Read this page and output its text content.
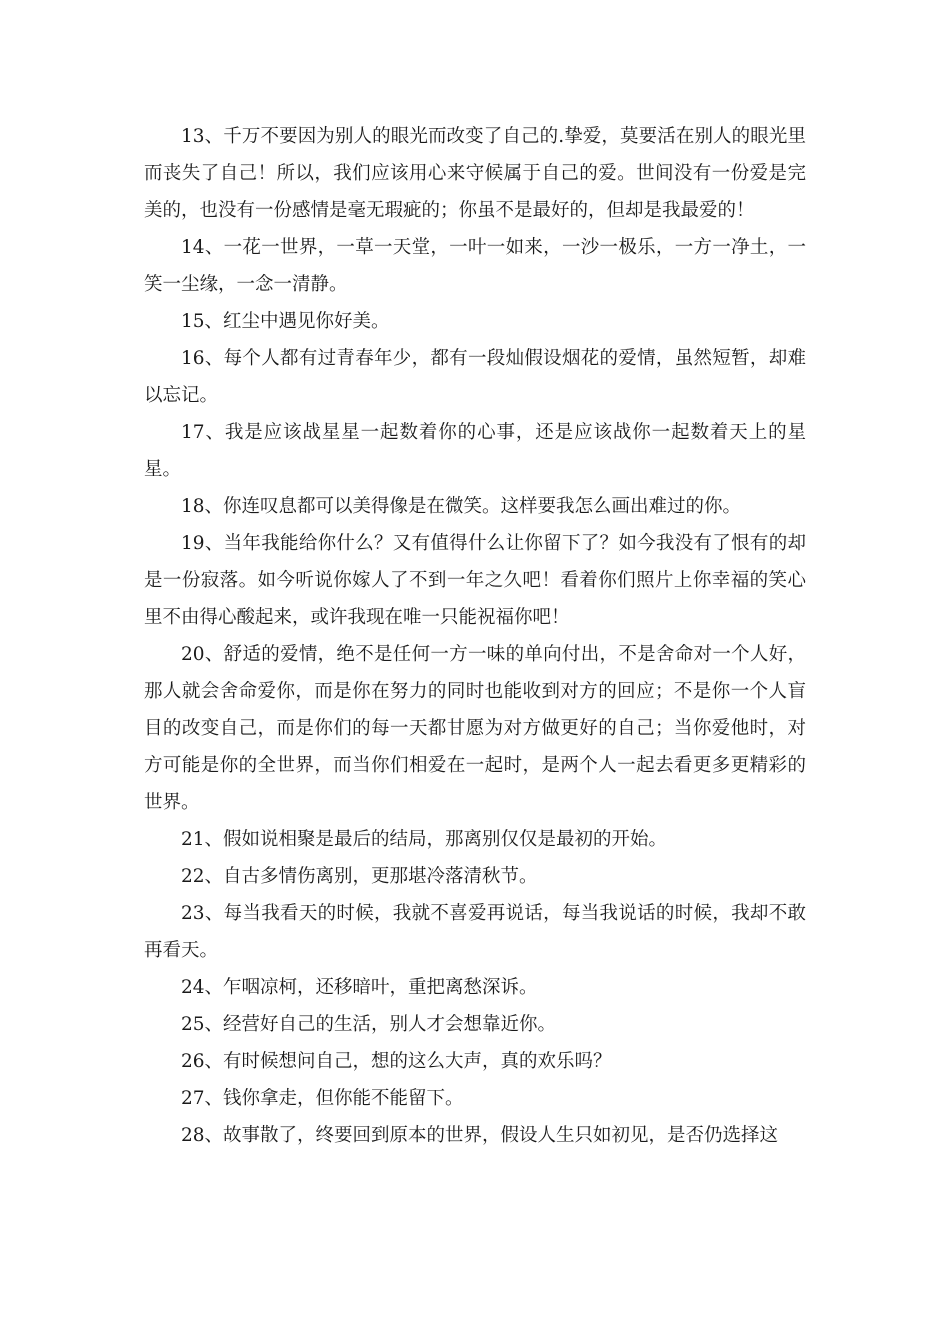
13、千万不要因为别人的眼光而改变了自己的.挚爱，莫要活在别人的眼光里而丧失了自己！所以，我们应该用心来守候属于自己的爱。世间没有一份爱是完美的，也没有一份感情是毫无瑕疵的；你虽不是最好的，但却是我最爱的！

14、一花一世界，一草一天堂，一叶一如来，一沙一极乐，一方一净土，一笑一尘缘，一念一清静。

15、红尘中遇见你好美。

16、每个人都有过青春年少，都有一段灿假设烟花的爱情，虽然短暂，却难以忘记。

17、我是应该战星星一起数着你的心事，还是应该战你一起数着天上的星星。

18、你连叹息都可以美得像是在微笑。这样要我怎么画出难过的你。

19、当年我能给你什么？又有值得什么让你留下了？如今我没有了恨有的却是一份寂落。如今听说你嫁人了不到一年之久吧！看着你们照片上你幸福的笑心里不由得心酸起来，或许我现在唯一只能祝福你吧！

20、舒适的爱情，绝不是任何一方一味的单向付出，不是舍命对一个人好，那人就会舍命爱你，而是你在努力的同时也能收到对方的回应；不是你一个人盲目的改变自己，而是你们的每一天都甘愿为对方做更好的自己；当你爱他时，对方可能是你的全世界，而当你们相爱在一起时，是两个人一起去看更多更精彩的世界。

21、假如说相聚是最后的结局，那离别仅仅是最初的开始。

22、自古多情伤离别，更那堪冷落清秋节。

23、每当我看天的时候，我就不喜爱再说话，每当我说话的时候，我却不敢再看天。

24、乍咽凉柯，还移暗叶，重把离愁深诉。

25、经营好自己的生活，别人才会想靠近你。

26、有时候想问自己，想的这么大声，真的欢乐吗？

27、钱你拿走，但你能不能留下。

28、故事散了，终要回到原本的世界，假设人生只如初见，是否仍选择这
